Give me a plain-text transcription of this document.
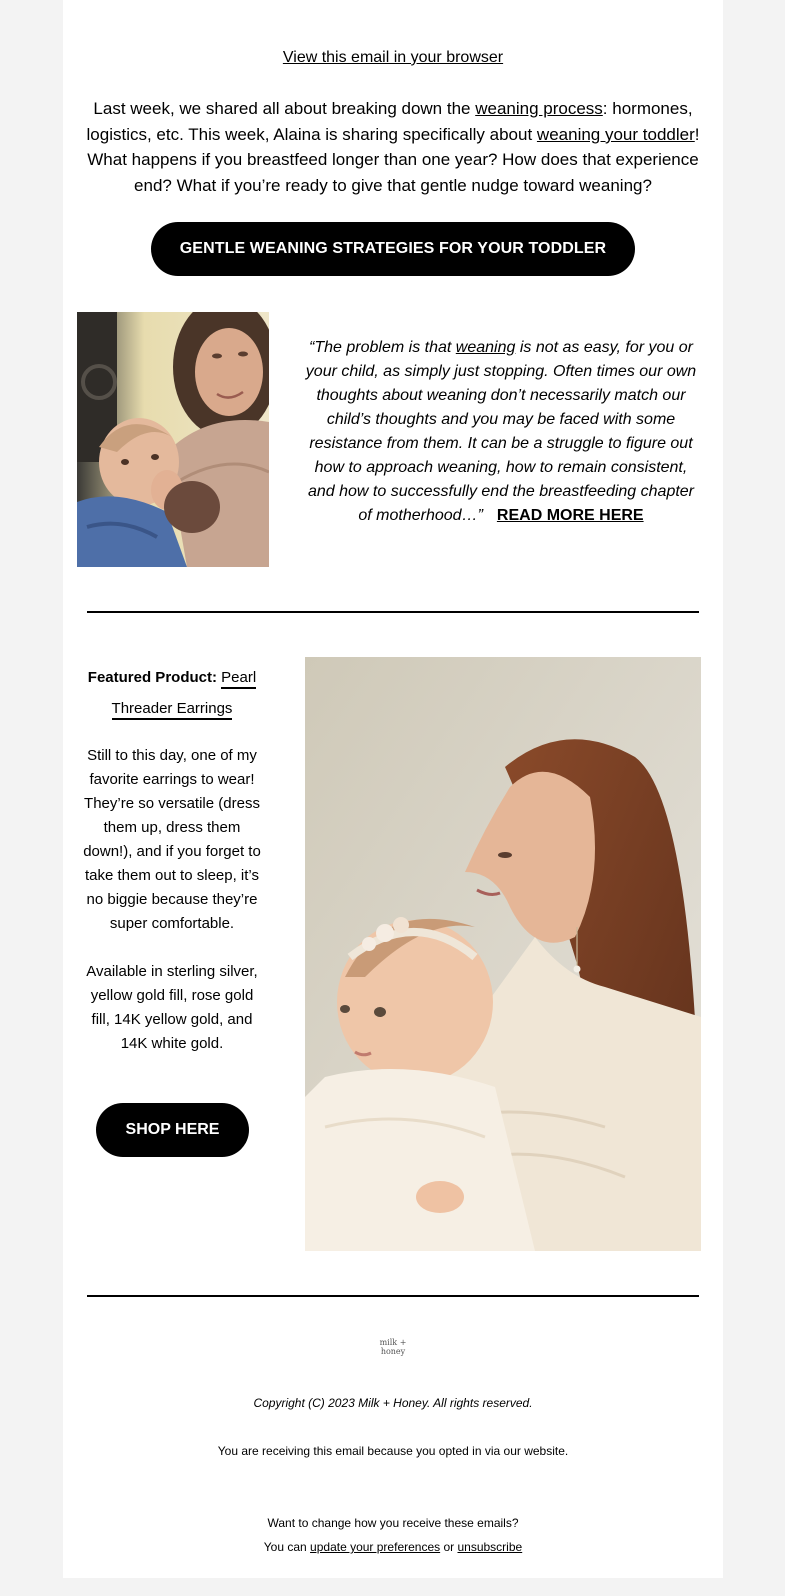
View this email in your browser

Last week, we shared all about breaking down the weaning process: hormones, logistics, etc. This week, Alaina is sharing specifically about weaning your toddler! What happens if you breastfeed longer than one year? How does that experience end? What if you’re ready to give that gentle nudge toward weaning?

GENTLE WEANING STRATEGIES FOR YOUR TODDLER

“The problem is that weaning is not as easy, for you or your child, as simply just stopping. Often times our own thoughts about weaning don’t necessarily match our child’s thoughts and you may be faced with some resistance from them. It can be a struggle to figure out how to approach weaning, how to remain consistent, and how to successfully end the breastfeeding chapter of motherhood…” READ MORE HERE

Featured Product: Pearl Threader Earrings

Still to this day, one of my favorite earrings to wear! They’re so versatile (dress them up, dress them down!), and if you forget to take them out to sleep, it’s no biggie because they’re super comfortable.

Available in sterling silver, yellow gold fill, rose gold fill, 14K yellow gold, and 14K white gold.

SHOP HERE
milk +
honey
Copyright (C) 2023 Milk + Honey. All rights reserved.
You are receiving this email because you opted in via our website.
Want to change how you receive these emails?
You can update your preferences or unsubscribe
